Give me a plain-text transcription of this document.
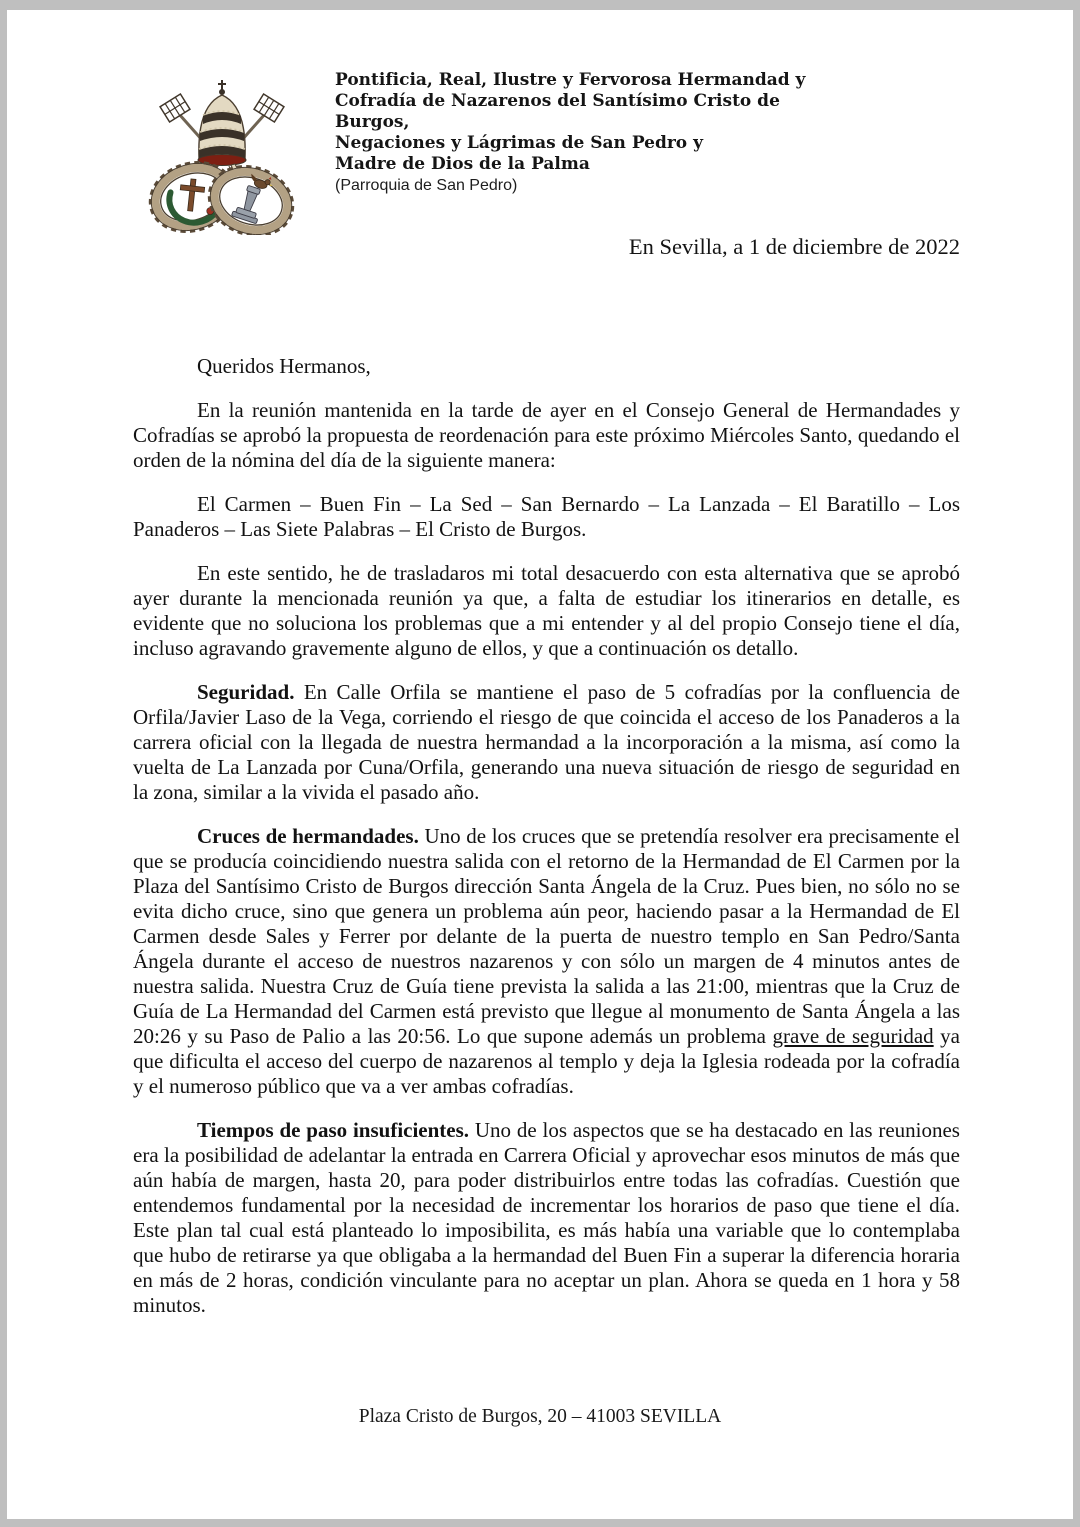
Pontificia, Real, Ilustre y Fervorosa Hermandad y
Cofradía de Nazarenos del Santísimo Cristo de Burgos,
Negaciones y Lágrimas de San Pedro y
Madre de Dios de la Palma
(Parroquia de San Pedro)
En Sevilla, a 1 de diciembre de 2022

Queridos Hermanos,

En la reunión mantenida en la tarde de ayer en el Consejo General de Hermandades y Cofradías se aprobó la propuesta de reordenación para este próximo Miércoles Santo, quedando el orden de la nómina del día de la siguiente manera:

El Carmen – Buen Fin – La Sed – San Bernardo – La Lanzada – El Baratillo – Los Panaderos – Las Siete Palabras – El Cristo de Burgos.

En este sentido, he de trasladaros mi total desacuerdo con esta alternativa que se aprobó ayer durante la mencionada reunión ya que, a falta de estudiar los itinerarios en detalle, es evidente que no soluciona los problemas que a mi entender y al del propio Consejo tiene el día, incluso agravando gravemente alguno de ellos, y que a continuación os detallo.

Seguridad. En Calle Orfila se mantiene el paso de 5 cofradías por la confluencia de Orfila/Javier Laso de la Vega, corriendo el riesgo de que coincida el acceso de los Panaderos a la carrera oficial con la llegada de nuestra hermandad a la incorporación a la misma, así como la vuelta de La Lanzada por Cuna/Orfila, generando una nueva situación de riesgo de seguridad en la zona, similar a la vivida el pasado año.

Cruces de hermandades. Uno de los cruces que se pretendía resolver era precisamente el que se producía coincidiendo nuestra salida con el retorno de la Hermandad de El Carmen por la Plaza del Santísimo Cristo de Burgos dirección Santa Ángela de la Cruz. Pues bien, no sólo no se evita dicho cruce, sino que genera un problema aún peor, haciendo pasar a la Hermandad de El Carmen desde Sales y Ferrer por delante de la puerta de nuestro templo en San Pedro/Santa Ángela durante el acceso de nuestros nazarenos y con sólo un margen de 4 minutos antes de nuestra salida. Nuestra Cruz de Guía tiene prevista la salida a las 21:00, mientras que la Cruz de Guía de La Hermandad del Carmen está previsto que llegue al monumento de Santa Ángela a las 20:26 y su Paso de Palio a las 20:56. Lo que supone además un problema grave de seguridad ya que dificulta el acceso del cuerpo de nazarenos al templo y deja la Iglesia rodeada por la cofradía y el numeroso público que va a ver ambas cofradías.

Tiempos de paso insuficientes. Uno de los aspectos que se ha destacado en las reuniones era la posibilidad de adelantar la entrada en Carrera Oficial y aprovechar esos minutos de más que aún había de margen, hasta 20, para poder distribuirlos entre todas las cofradías. Cuestión que entendemos fundamental por la necesidad de incrementar los horarios de paso que tiene el día. Este plan tal cual está planteado lo imposibilita, es más había una variable que lo contemplaba que hubo de retirarse ya que obligaba a la hermandad del Buen Fin a superar la diferencia horaria en más de 2 horas, condición vinculante para no aceptar un plan. Ahora se queda en 1 hora y 58 minutos.

Plaza Cristo de Burgos, 20 – 41003 SEVILLA
